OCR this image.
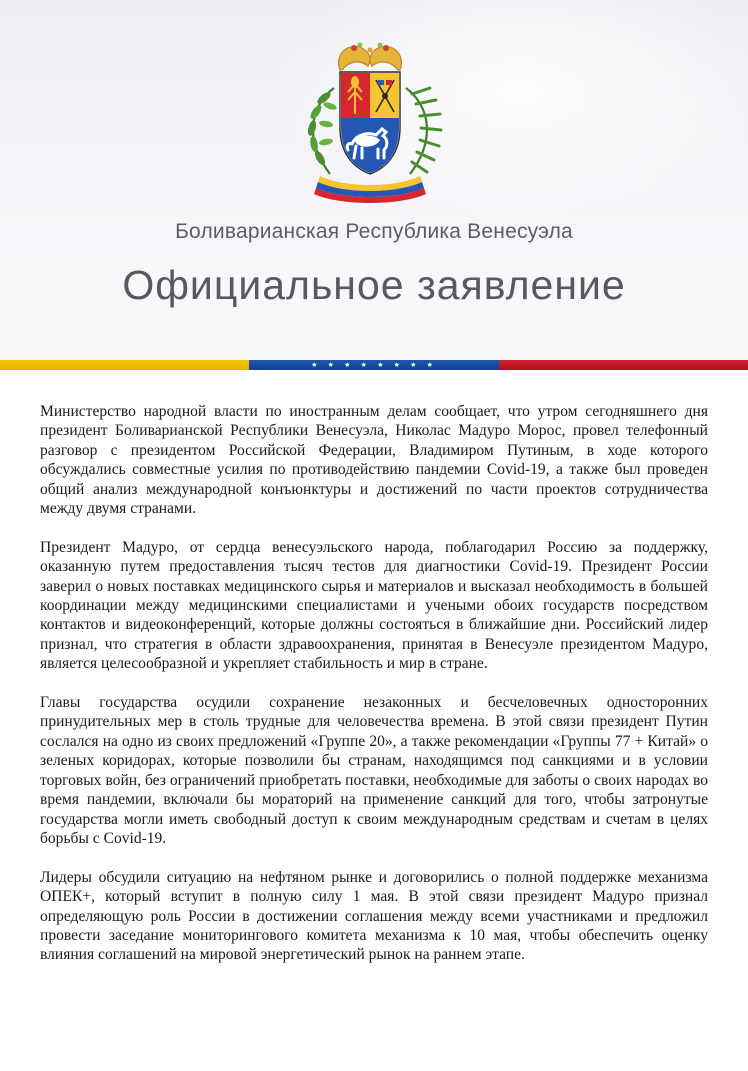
Боливарианская Республика Венесуэла
Официальное заявление
★ ★ ★ ★ ★ ★ ★ ★

Министерство народной власти по иностранным делам сообщает, что утром сегодняшнего дня президент Боливарианской Республики Венесуэла, Николас Мадуро Морос, провел телефонный разговор с президентом Российской Федерации, Владимиром Путиным, в ходе которого обсуждались совместные усилия по противодействию пандемии Covid-19, а также был проведен общий анализ международной конъюнктуры и достижений по части проектов сотрудничества между двумя странами.

Президент Мадуро, от сердца венесуэльского народа, поблагодарил Россию за поддержку, оказанную путем предоставления тысяч тестов для диагностики Covid-19. Президент России заверил о новых поставках медицинского сырья и материалов и высказал необходимость в большей координации между медицинскими специалистами и учеными обоих государств посредством контактов и видеоконференций, которые должны состояться в ближайшие дни. Российский лидер признал, что стратегия в области здравоохранения, принятая в Венесуэле президентом Мадуро, является целесообразной и укрепляет стабильность и мир в стране.

Главы государства осудили сохранение незаконных и бесчеловечных односторонних принудительных мер в столь трудные для человечества времена. В этой связи президент Путин сослался на одно из своих предложений «Группе 20», а также рекомендации «Группы 77 + Китай» о зеленых коридорах, которые позволили бы странам, находящимся под санкциями и в условии торговых войн, без ограничений приобретать поставки, необходимые для заботы о своих народах во время пандемии, включали бы мораторий на применение санкций для того, чтобы затронутые государства могли иметь свободный доступ к своим международным средствам и счетам в целях борьбы с Covid-19.

Лидеры обсудили ситуацию на нефтяном рынке и договорились о полной поддержке механизма ОПЕК+, который вступит в полную силу 1 мая. В этой связи президент Мадуро признал определяющую роль России в достижении соглашения между всеми участниками и предложил провести заседание мониторингового комитета механизма к 10 мая, чтобы обеспечить оценку влияния соглашений на мировой энергетический рынок на раннем этапе.
